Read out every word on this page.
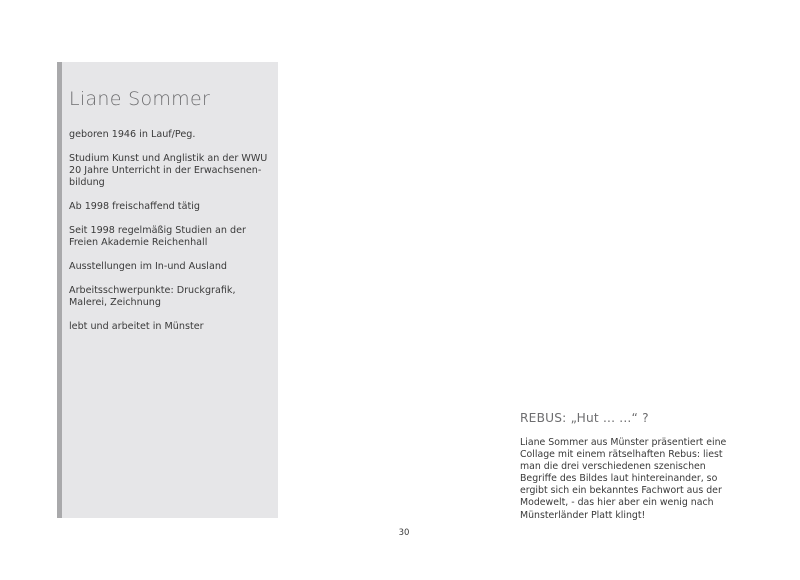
Liane Sommer
geboren 1946 in Lauf/Peg.
Studium Kunst und Anglistik an der WWU
20 Jahre Unterricht in der Erwachsenen-
bildung
Ab 1998 freischaffend tätig
Seit 1998 regelmäßig Studien an der
Freien Akademie Reichenhall
Ausstellungen im In-und Ausland
Arbeitsschwerpunkte: Druckgrafik,
Malerei, Zeichnung
lebt und arbeitet in Münster
REBUS: „Hut ... ...“ ?
Liane Sommer aus Münster präsentiert eine
Collage mit einem rätselhaften Rebus: liest
man die drei verschiedenen szenischen
Begriffe des Bildes laut hintereinander, so
ergibt sich ein bekanntes Fachwort aus der
Modewelt, - das hier aber ein wenig nach
Münsterländer Platt klingt!
30
